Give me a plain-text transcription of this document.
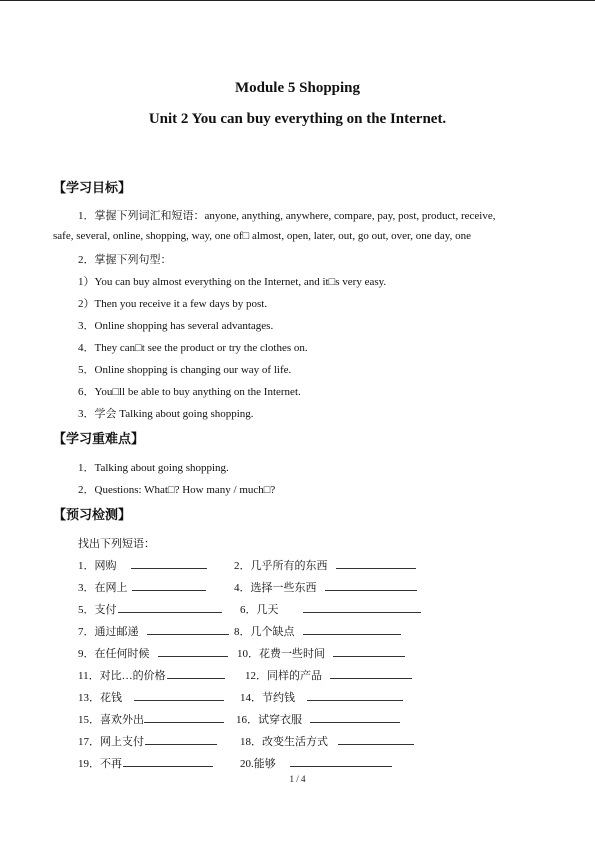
Module 5 Shopping
Unit 2 You can buy everything on the Internet.
【学习目标】
1．掌握下列词汇和短语：anyone, anything, anywhere, compare, pay, post, product, receive,
safe, several, online, shopping, way, one of□ almost, open, later, out, go out, over, one day, one
2．掌握下列句型：
1）You can buy almost everything on the Internet, and it□s very easy.
2）Then you receive it a few days by post.
3．Online shopping has several advantages.
4．They can□t see the product or try the clothes on.
5．Online shopping is changing our way of life.
6．You□ll be able to buy anything on the Internet.
3．学会 Talking about going shopping.
【学习重难点】
1．Talking about going shopping.
2．Questions: What□? How many / much□?
【预习检测】
找出下列短语：
1．网购	2．几乎所有的东西
3．在网上	4．选择一些东西
5．支付	6．几天
7．通过邮递	8．几个缺点
9．在任何时候	10．花费一些时间
11．对比…的价格	12．同样的产品
13．花钱	14．节约钱
15．喜欢外出	16．试穿衣服
17．网上支付	18．改变生活方式
19．不再	20.能够
1 / 4
